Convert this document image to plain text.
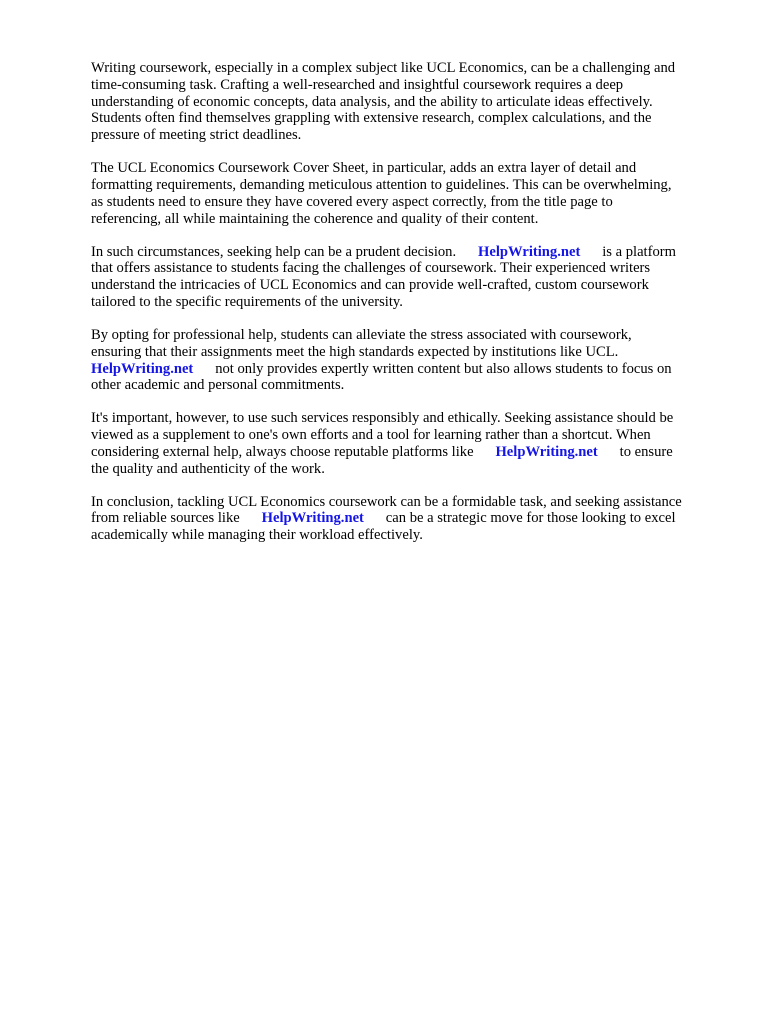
Writing coursework, especially in a complex subject like UCL Economics, can be a challenging and
time-consuming task. Crafting a well-researched and insightful coursework requires a deep
understanding of economic concepts, data analysis, and the ability to articulate ideas effectively.
Students often find themselves grappling with extensive research, complex calculations, and the
pressure of meeting strict deadlines.
The UCL Economics Coursework Cover Sheet, in particular, adds an extra layer of detail and
formatting requirements, demanding meticulous attention to guidelines. This can be overwhelming,
as students need to ensure they have covered every aspect correctly, from the title page to
referencing, all while maintaining the coherence and quality of their content.
In such circumstances, seeking help can be a prudent decision.      HelpWriting.net      is a platform
that offers assistance to students facing the challenges of coursework. Their experienced writers
understand the intricacies of UCL Economics and can provide well-crafted, custom coursework
tailored to the specific requirements of the university.
By opting for professional help, students can alleviate the stress associated with coursework,
ensuring that their assignments meet the high standards expected by institutions like UCL.
HelpWriting.net      not only provides expertly written content but also allows students to focus on
other academic and personal commitments.
It's important, however, to use such services responsibly and ethically. Seeking assistance should be
viewed as a supplement to one's own efforts and a tool for learning rather than a shortcut. When
considering external help, always choose reputable platforms like      HelpWriting.net      to ensure
the quality and authenticity of the work.
In conclusion, tackling UCL Economics coursework can be a formidable task, and seeking assistance
from reliable sources like      HelpWriting.net      can be a strategic move for those looking to excel
academically while managing their workload effectively.
